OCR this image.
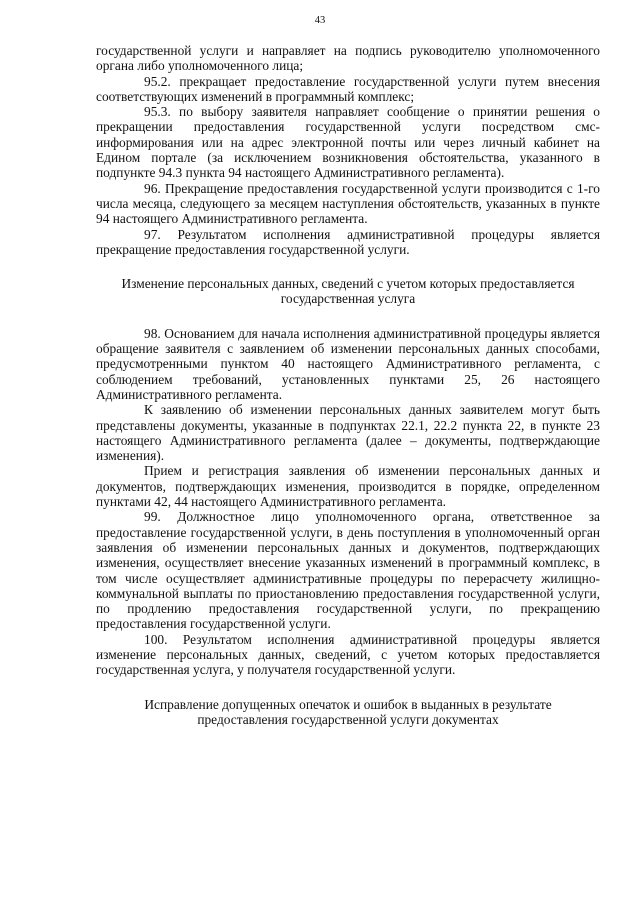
43

государственной услуги и направляет на подпись руководителю уполномоченного органа либо уполномоченного лица;

95.2. прекращает предоставление государственной услуги путем внесения соответствующих изменений в программный комплекс;

95.3. по выбору заявителя направляет сообщение о принятии решения о прекращении предоставления государственной услуги посредством смс-информирования или на адрес электронной почты или через личный кабинет на Едином портале (за исключением возникновения обстоятельства, указанного в подпункте 94.3 пункта 94 настоящего Административного регламента).

96. Прекращение предоставления государственной услуги производится с 1-го числа месяца, следующего за месяцем наступления обстоятельств, указанных в пункте 94 настоящего Административного регламента.

97. Результатом исполнения административной процедуры является прекращение предоставления государственной услуги.

Изменение персональных данных, сведений с учетом которых предоставляется государственная услуга

98. Основанием для начала исполнения административной процедуры является обращение заявителя с заявлением об изменении персональных данных способами, предусмотренными пунктом 40 настоящего Административного регламента, с соблюдением требований, установленных пунктами 25, 26 настоящего Административного регламента.

К заявлению об изменении персональных данных заявителем могут быть представлены документы, указанные в подпунктах 22.1, 22.2 пункта 22, в пункте 23 настоящего Административного регламента (далее – документы, подтверждающие изменения).

Прием и регистрация заявления об изменении персональных данных и документов, подтверждающих изменения, производится в порядке, определенном пунктами 42, 44 настоящего Административного регламента.

99. Должностное лицо уполномоченного органа, ответственное за предоставление государственной услуги, в день поступления в уполномоченный орган заявления об изменении персональных данных и документов, подтверждающих изменения, осуществляет внесение указанных изменений в программный комплекс, в том числе осуществляет административные процедуры по перерасчету жилищно-коммунальной выплаты по приостановлению предоставления государственной услуги, по продлению предоставления государственной услуги, по прекращению предоставления государственной услуги.

100. Результатом исполнения административной процедуры является изменение персональных данных, сведений, с учетом которых предоставляется государственная услуга, у получателя государственной услуги.

Исправление допущенных опечаток и ошибок в выданных в результате предоставления государственной услуги документах
